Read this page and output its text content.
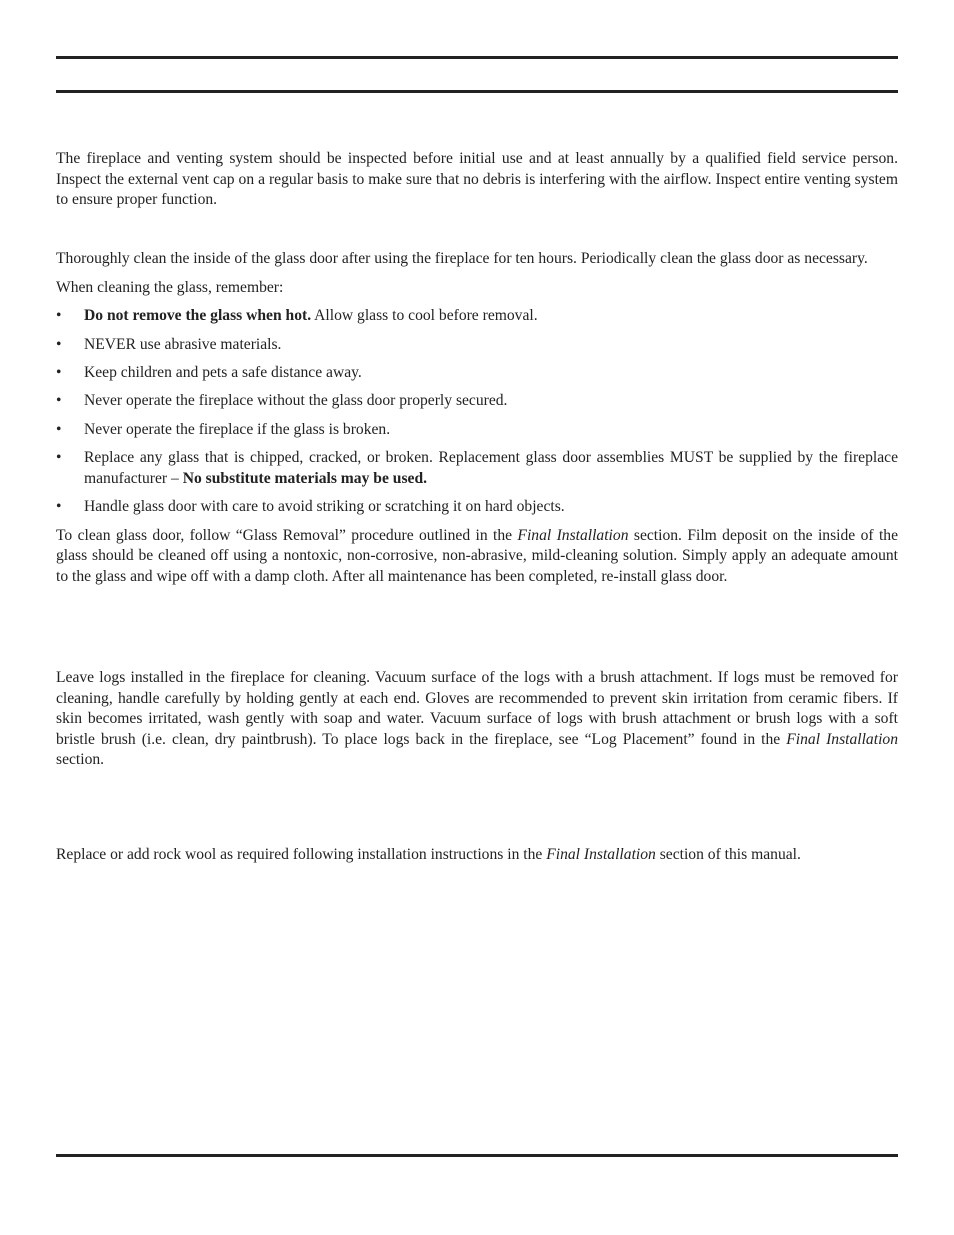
The fireplace and venting system should be inspected before initial use and at least annually by a qualified field service person. Inspect the external vent cap on a regular basis to make sure that no debris is interfering with the airflow. Inspect entire venting system to ensure proper function.

Thoroughly clean the inside of the glass door after using the fireplace for ten hours. Periodically clean the glass door as necessary.

When cleaning the glass, remember:

• Do not remove the glass when hot. Allow glass to cool before removal.
• NEVER use abrasive materials.
• Keep children and pets a safe distance away.
• Never operate the fireplace without the glass door properly secured.
• Never operate the fireplace if the glass is broken.
• Replace any glass that is chipped, cracked, or broken. Replacement glass door assemblies MUST be supplied by the fireplace manufacturer – No substitute materials may be used.
• Handle glass door with care to avoid striking or scratching it on hard objects.

To clean glass door, follow “Glass Removal” procedure outlined in the Final Installation section. Film deposit on the inside of the glass should be cleaned off using a nontoxic, non-corrosive, non-abrasive, mild-cleaning solution. Simply apply an adequate amount to the glass and wipe off with a damp cloth. After all maintenance has been completed, re-install glass door.

Leave logs installed in the fireplace for cleaning. Vacuum surface of the logs with a brush attachment. If logs must be removed for cleaning, handle carefully by holding gently at each end. Gloves are recommended to prevent skin irritation from ceramic fibers. If skin becomes irritated, wash gently with soap and water. Vacuum surface of logs with brush attachment or brush logs with a soft bristle brush (i.e. clean, dry paintbrush). To place logs back in the fireplace, see “Log Placement” found in the Final Installation section.

Replace or add rock wool as required following installation instructions in the Final Installation section of this manual.
